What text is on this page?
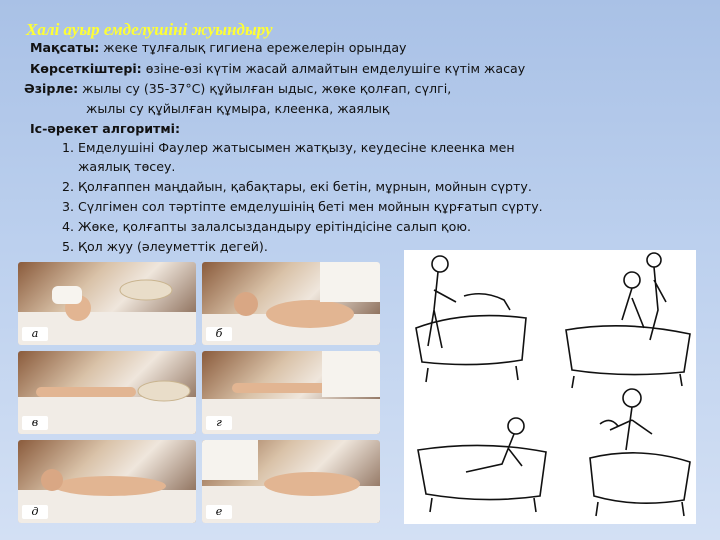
Халі ауыр емделушіні жуындыру
Мақсаты: жеке тұлғалық гигиена ережелерін орындау
Көрсеткіштері: өзіне-өзі күтім жасай алмайтын емделушіге күтім жасау
Әзірле: жылы су (35-37°С) құйылған ыдыс, жөке қолғап, сүлгі,
жылы су құйылған құмыра, клеенка, жаялық
Іс-әрекет алгоритмі:
1. Емделушіні Фаулер жатысымен жатқызу, кеудесіне клеенка мен
жаялық төсеу.
2. Қолғаппен маңдайын, қабақтары, екі бетін, мұрнын, мойнын сүрту.
3. Сүлгімен сол тәртіпте емделушінің беті мен мойнын құрғатып сүрту.
4. Жөке, қолғапты залалсыздандыру ерітіндісіне салып қою.
5. Қол жуу (әлеуметтік дегей).
а	б
в	г
д	е
